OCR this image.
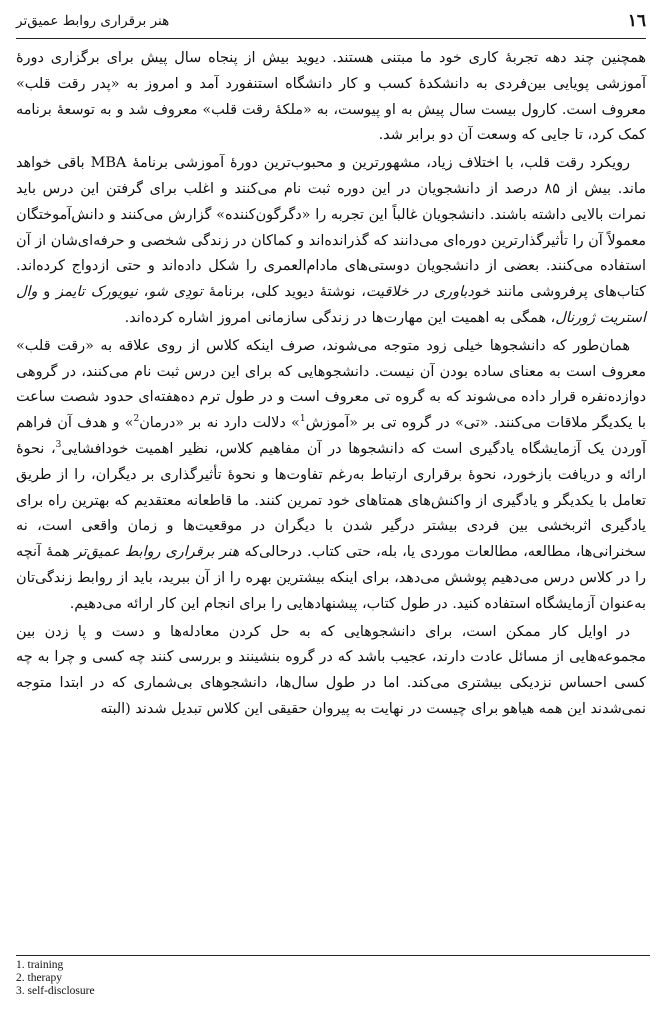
١٦
هنر برقراری روابط عمیق‌تر

همچنین چند دهه تجربهٔ کاری خود ما مبتنی هستند. دیوید بیش از پنجاه سال پیش برای برگزاری دورهٔ آموزشی پویایی بین‌فردی به دانشکدهٔ کسب و کار دانشگاه استنفورد آمد و امروز به «پدر رقت قلب» معروف است. کارول بیست سال پیش به او پیوست، به «ملکهٔ رقت قلب» معروف شد و به توسعهٔ برنامه کمک کرد، تا جایی که وسعت آن دو برابر شد.

رویکرد رقت قلب، با اختلاف زیاد، مشهورترین و محبوب‌ترین دورهٔ آموزشی برنامهٔ MBA باقی خواهد ماند. بیش از ۸۵ درصد از دانشجویان در این دوره ثبت نام می‌کنند و اغلب برای گرفتن این درس باید نمرات بالایی داشته باشند. دانشجویان غالباً این تجربه را «دگرگون‌کننده» گزارش می‌کنند و دانش‌آموختگان معمولاً آن را تأثیرگذارترین دوره‌ای می‌دانند که گذرانده‌اند و کماکان در زندگی شخصی و حرفه‌ای‌شان از آن استفاده می‌کنند. بعضی از دانشجویان دوستی‌های مادام‌العمری را شکل داده‌اند و حتی ازدواج کرده‌اند. کتاب‌های پرفروشی مانند خودباوری در خلاقیت، نوشتهٔ دیوید کلی، برنامهٔ تودِی شو، نیویورک تایمز و وال استریت ژورنال، همگی به اهمیت این مهارت‌ها در زندگی سازمانی امروز اشاره کرده‌اند.

همان‌طور که دانشجوها خیلی زود متوجه می‌شوند، صرف اینکه کلاس از روی علاقه به «رقت قلب» معروف است به معنای ساده بودن آن نیست. دانشجوهایی که برای این درس ثبت نام می‌کنند، در گروهی دوازده‌نفره قرار داده می‌شوند که به گروه تی معروف است و در طول ترم ده‌هفته‌ای حدود شصت ساعت با یکدیگر ملاقات می‌کنند. «تی» در گروه تی بر «آموزش$^1$» دلالت دارد نه بر «درمان$^2$» و هدف آن فراهم آوردن یک آزمایشگاه یادگیری است که دانشجوها در آن مفاهیم کلاس، نظیر اهمیت خودافشایی$^3$، نحوهٔ ارائه و دریافت بازخورد، نحوهٔ برقراری ارتباط به‌رغم تفاوت‌ها و نحوهٔ تأثیرگذاری بر دیگران، را از طریق تعامل با یکدیگر و یادگیری از واکنش‌های همتاهای خود تمرین کنند. ما قاطعانه معتقدیم که بهترین راه برای یادگیری اثربخشی بین فردی بیشتر درگیر شدن با دیگران در موقعیت‌ها و زمان واقعی است، نه سخنرانی‌ها، مطالعه، مطالعات موردی یا، بله، حتی کتاب. درحالی‌که هنر برقراری روابط عمیق‌تر همهٔ آنچه را در کلاس درس می‌دهیم پوشش می‌دهد، برای اینکه بیشترین بهره را از آن ببرید، باید از روابط زندگی‌تان به‌عنوان آزمایشگاه استفاده کنید. در طول کتاب، پیشنهادهایی را برای انجام این کار ارائه می‌دهیم.

در اوایل کار ممکن است، برای دانشجوهایی که به حل کردن معادله‌ها و دست و پا زدن بین مجموعه‌هایی از مسائل عادت دارند، عجیب باشد که در گروه بنشینند و بررسی کنند چه کسی و چرا به چه کسی احساس نزدیکی بیشتری می‌کند. اما در طول سال‌ها، دانشجوهای بی‌شماری که در ابتدا متوجه نمی‌شدند این همه هیاهو برای چیست در نهایت به پیروان حقیقی این کلاس تبدیل شدند (البته

1. training
2. therapy
3. self-disclosure
